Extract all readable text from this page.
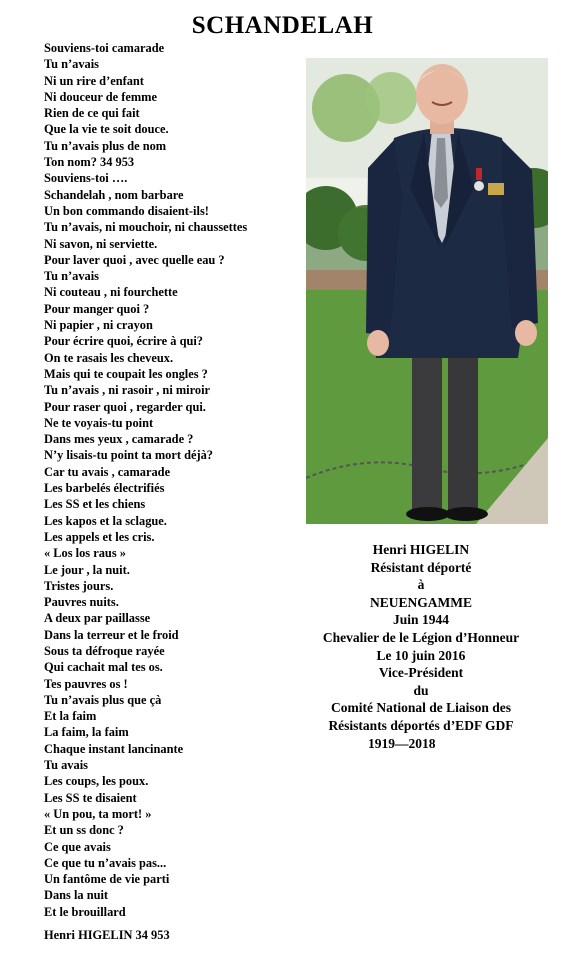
SCHANDELAH
Souviens-toi camarade
Tu n’avais
Ni un rire d’enfant
Ni douceur de femme
Rien de ce qui fait
Que la vie te soit douce.
Tu n’avais plus de nom
Ton nom? 34 953
Souviens-toi ….
Schandelah , nom barbare
Un bon commando disaient-ils!
Tu n’avais, ni mouchoir, ni chaussettes
Ni savon, ni serviette.
Pour laver quoi , avec quelle eau ?
Tu n’avais
Ni couteau , ni fourchette
Pour manger quoi ?
Ni papier , ni crayon
Pour écrire quoi, écrire à qui?
On te rasais les cheveux.
Mais qui te coupait les ongles ?
Tu n’avais , ni rasoir , ni miroir
Pour raser quoi , regarder qui.
Ne te voyais-tu point
Dans mes yeux , camarade ?
N’y lisais-tu point ta mort déjà?
Car tu avais , camarade
Les barbelés électrifiés
Les SS et les chiens
Les kapos et la sclague.
Les appels et les cris.
« Los los raus »
Le jour , la nuit.
Tristes jours.
Pauvres nuits.
A deux par paillasse
Dans la terreur et le froid
Sous ta défroque rayée
Qui cachait mal tes os.
Tes pauvres os !
Tu n’avais plus que çà
Et la faim
La faim, la faim
Chaque instant lancinante
Tu avais
Les coups, les poux.
Les SS te disaient
« Un pou, ta mort! »
Et un ss donc ?
Ce que avais
Ce que tu n’avais pas...
Un fantôme de vie parti
Dans la nuit
Et le brouillard
Henri HIGELIN 34 953
Henri HIGELIN
Résistant déporté
à
NEUENGAMME
Juin 1944
Chevalier de le Légion d’Honneur
Le 10 juin 2016
Vice-Président
du
Comité National de Liaison des
Résistants déportés d’EDF GDF
1919—2018
